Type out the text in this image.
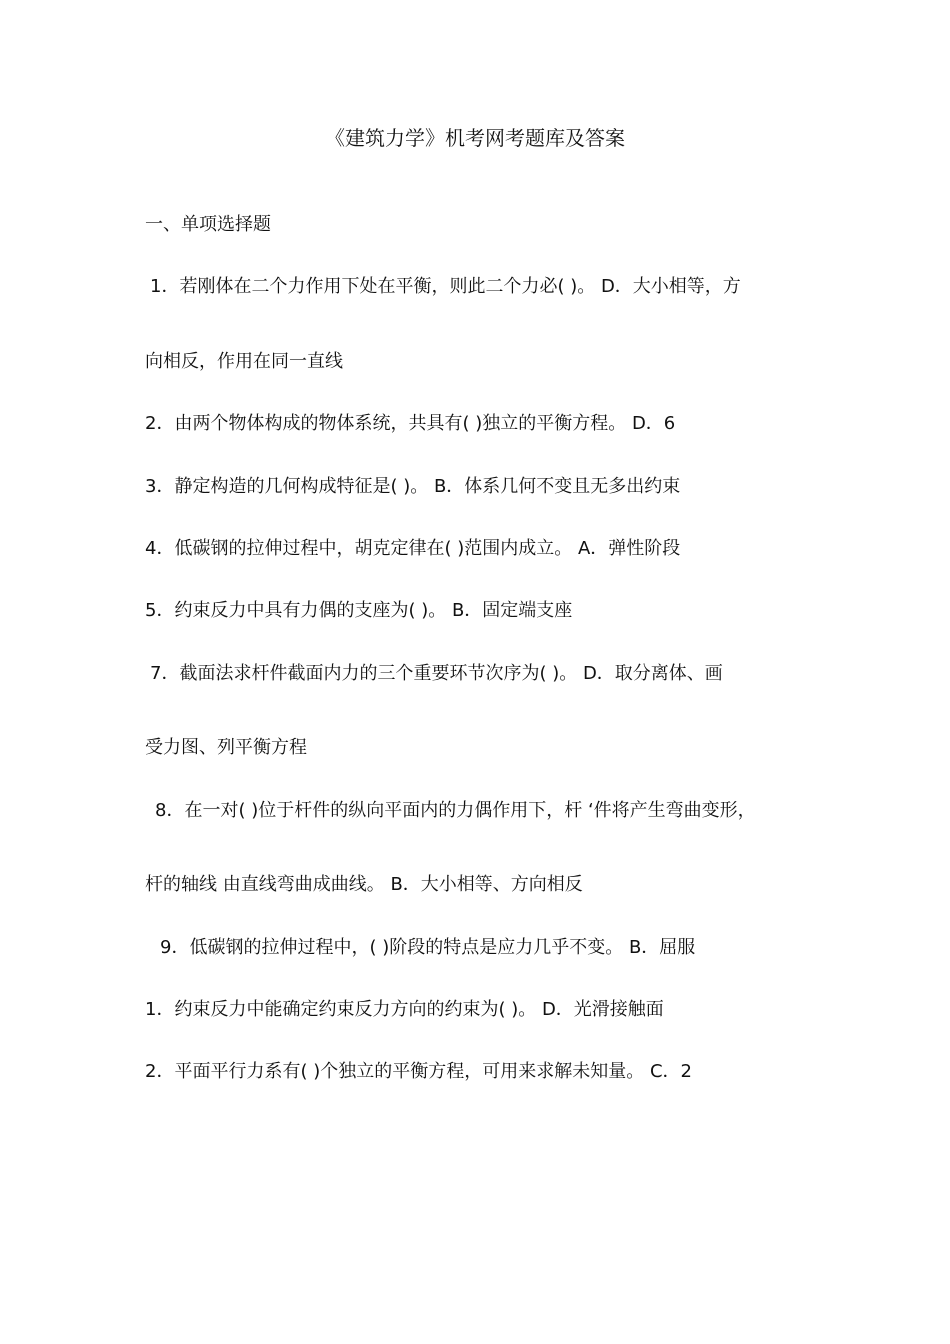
《建筑力学》机考网考题库及答案
一、单项选择题
1．若刚体在二个力作用下处在平衡，则此二个力必( )。 D．大小相等，方
向相反，作用在同一直线
2．由两个物体构成的物体系统，共具有( )独立的平衡方程。 D．6
3．静定构造的几何构成特征是( )。 B．体系几何不变且无多出约束
4．低碳钢的拉伸过程中，胡克定律在( )范围内成立。 A．弹性阶段
5．约束反力中具有力偶的支座为( )。 B．固定端支座
7．截面法求杆件截面内力的三个重要环节次序为( )。 D．取分离体、画
受力图、列平衡方程
8．在一对( )位于杆件的纵向平面内的力偶作用下，杆 ‘件将产生弯曲变形，
杆的轴线 由直线弯曲成曲线。 B．大小相等、方向相反
9．低碳钢的拉伸过程中，( )阶段的特点是应力几乎不变。 B．屈服
1．约束反力中能确定约束反力方向的约束为( )。 D．光滑接触面
2．平面平行力系有( )个独立的平衡方程，可用来求解未知量。 C．2
